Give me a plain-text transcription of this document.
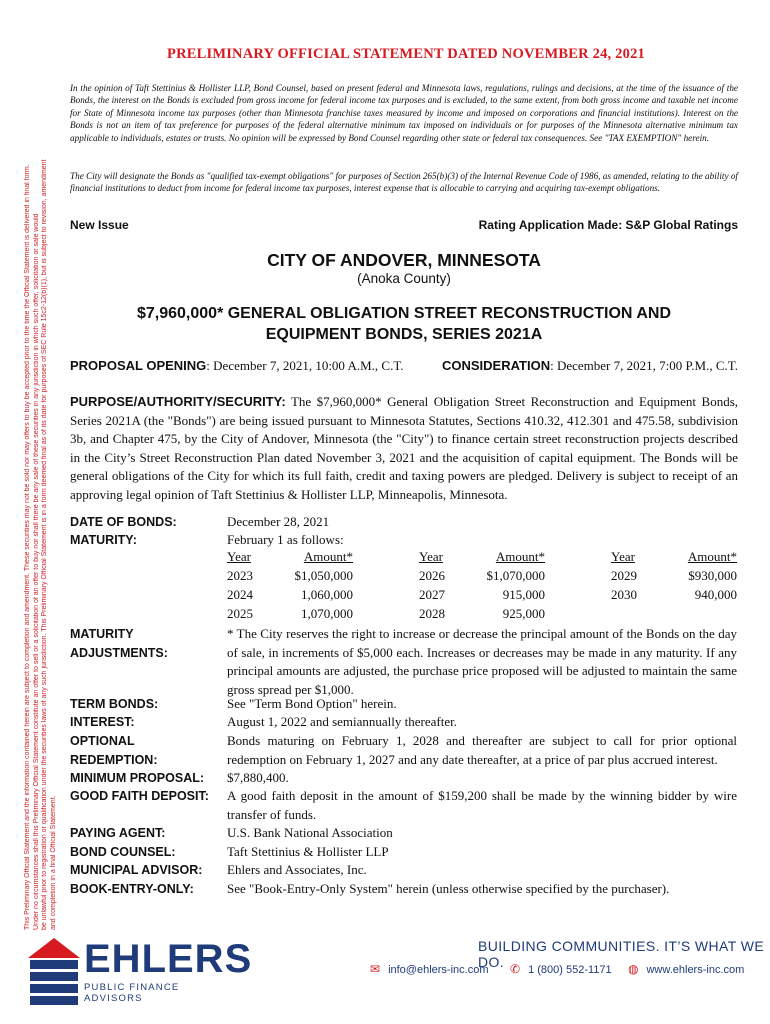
This Preliminary Official Statement and the information contained herein are subject to completion and amendment. These securities may not be sold nor may offers to buy be accepted prior to the time the Official Statement is delivered in final form. Under no circumstances shall this Preliminary Official Statement constitute an offer to sell or a solicitation of an offer to buy nor shall there be any sale of these securities in any jurisdiction in which such offer, solicitation or sale would be unlawful prior to registration or qualification under the securities laws of any such jurisdiction. This Preliminary Official Statement is in a form deemed final as of its date for purposes of SEC Rule 15c2-12(b)(1), but is subject to revision, amendment and completion in a final Official Statement.
PRELIMINARY OFFICIAL STATEMENT DATED NOVEMBER 24, 2021
In the opinion of Taft Stettinius & Hollister LLP, Bond Counsel, based on present federal and Minnesota laws, regulations, rulings and decisions, at the time of the issuance of the Bonds, the interest on the Bonds is excluded from gross income for federal income tax purposes and is excluded, to the same extent, from both gross income and taxable net income for State of Minnesota income tax purposes (other than Minnesota franchise taxes measured by income and imposed on corporations and financial institutions). Interest on the Bonds is not an item of tax preference for purposes of the federal alternative minimum tax imposed on individuals or for purposes of the Minnesota alternative minimum tax applicable to individuals, estates or trusts. No opinion will be expressed by Bond Counsel regarding other state or federal tax consequences. See "TAX EXEMPTION" herein.
The City will designate the Bonds as "qualified tax-exempt obligations" for purposes of Section 265(b)(3) of the Internal Revenue Code of 1986, as amended, relating to the ability of financial institutions to deduct from income for federal income tax purposes, interest expense that is allocable to carrying and acquiring tax-exempt obligations.
New Issue	Rating Application Made: S&P Global Ratings
CITY OF ANDOVER, MINNESOTA
(Anoka County)
$7,960,000* GENERAL OBLIGATION STREET RECONSTRUCTION AND
EQUIPMENT BONDS, SERIES 2021A
PROPOSAL OPENING: December 7, 2021, 10:00 A.M., C.T.	CONSIDERATION: December 7, 2021, 7:00 P.M., C.T.
PURPOSE/AUTHORITY/SECURITY: The $7,960,000* General Obligation Street Reconstruction and Equipment Bonds, Series 2021A (the "Bonds") are being issued pursuant to Minnesota Statutes, Sections 410.32, 412.301 and 475.58, subdivision 3b, and Chapter 475, by the City of Andover, Minnesota (the "City") to finance certain street reconstruction projects described in the City’s Street Reconstruction Plan dated November 3, 2021 and the acquisition of capital equipment. The Bonds will be general obligations of the City for which its full faith, credit and taxing powers are pledged. Delivery is subject to receipt of an approving legal opinion of Taft Stettinius & Hollister LLP, Minneapolis, Minnesota.
DATE OF BONDS:	December 28, 2021
MATURITY:	February 1 as follows:
Year	Amount*		Year	Amount*		Year	Amount*
2023	$1,050,000		2026	$1,070,000		2029	$930,000
2024	1,060,000		2027	915,000		2030	940,000
2025	1,070,000		2028	925,000			
MATURITY
ADJUSTMENTS:
* The City reserves the right to increase or decrease the principal amount of the Bonds on the day of sale, in increments of $5,000 each. Increases or decreases may be made in any maturity. If any principal amounts are adjusted, the purchase price proposed will be adjusted to maintain the same gross spread per $1,000.
TERM BONDS:	See "Term Bond Option" herein.
INTEREST:	August 1, 2022 and semiannually thereafter.
OPTIONAL
REDEMPTION:
Bonds maturing on February 1, 2028 and thereafter are subject to call for prior optional redemption on February 1, 2027 and any date thereafter, at a price of par plus accrued interest.
MINIMUM PROPOSAL: $7,880,400.
GOOD FAITH DEPOSIT: A good faith deposit in the amount of $159,200 shall be made by the winning bidder by wire transfer of funds.
PAYING AGENT:	U.S. Bank National Association
BOND COUNSEL:	Taft Stettinius & Hollister LLP
MUNICIPAL ADVISOR: Ehlers and Associates, Inc.
BOOK-ENTRY-ONLY:	See "Book-Entry-Only System" herein (unless otherwise specified by the purchaser).
EHLERS
PUBLIC FINANCE ADVISORS
BUILDING COMMUNITIES. IT’S WHAT WE DO.
✉ info@ehlers-inc.com ✆ 1 (800) 552-1171 ◍ www.ehlers-inc.com
